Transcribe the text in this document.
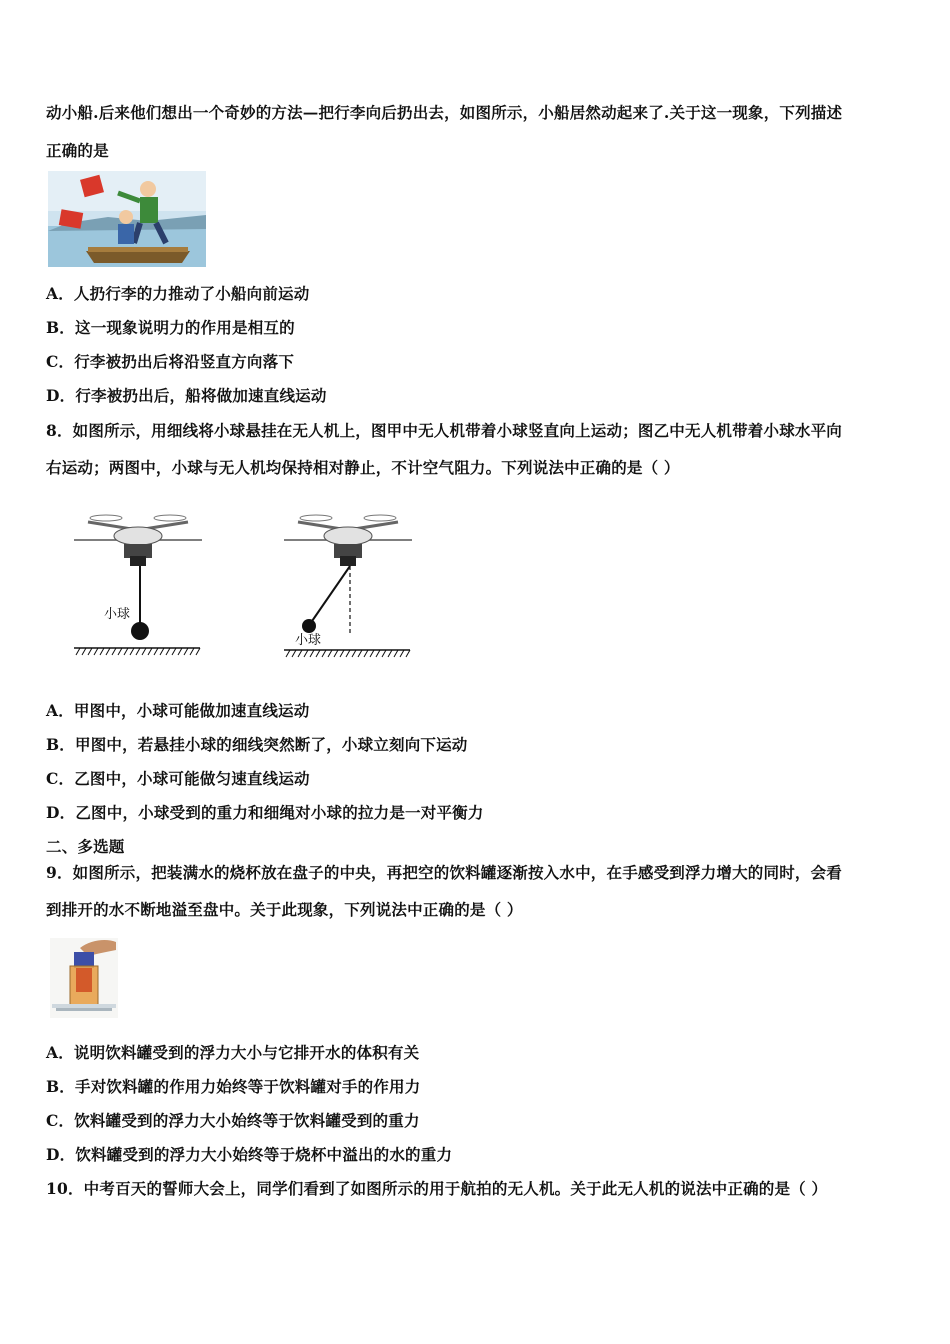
动小船.后来他们想出一个奇妙的方法—把行李向后扔出去，如图所示，小船居然动起来了.关于这一现象，下列描述
正确的是
A．人扔行李的力推动了小船向前运动
B．这一现象说明力的作用是相互的
C．行李被扔出后将沿竖直方向落下
D．行李被扔出后，船将做加速直线运动
8．如图所示，用细线将小球悬挂在无人机上，图甲中无人机带着小球竖直向上运动；图乙中无人机带着小球水平向
右运动；两图中，小球与无人机均保持相对静止，不计空气阻力。下列说法中正确的是（ ）
小球
小球
A．甲图中，小球可能做加速直线运动
B．甲图中，若悬挂小球的细线突然断了，小球立刻向下运动
C．乙图中，小球可能做匀速直线运动
D．乙图中，小球受到的重力和细绳对小球的拉力是一对平衡力
二、多选题
9．如图所示，把装满水的烧杯放在盘子的中央，再把空的饮料罐逐渐按入水中，在手感受到浮力增大的同时，会看
到排开的水不断地溢至盘中。关于此现象，下列说法中正确的是（ ）
A．说明饮料罐受到的浮力大小与它排开水的体积有关
B．手对饮料罐的作用力始终等于饮料罐对手的作用力
C．饮料罐受到的浮力大小始终等于饮料罐受到的重力
D．饮料罐受到的浮力大小始终等于烧杯中溢出的水的重力
10．中考百天的誓师大会上，同学们看到了如图所示的用于航拍的无人机。关于此无人机的说法中正确的是（ ）
